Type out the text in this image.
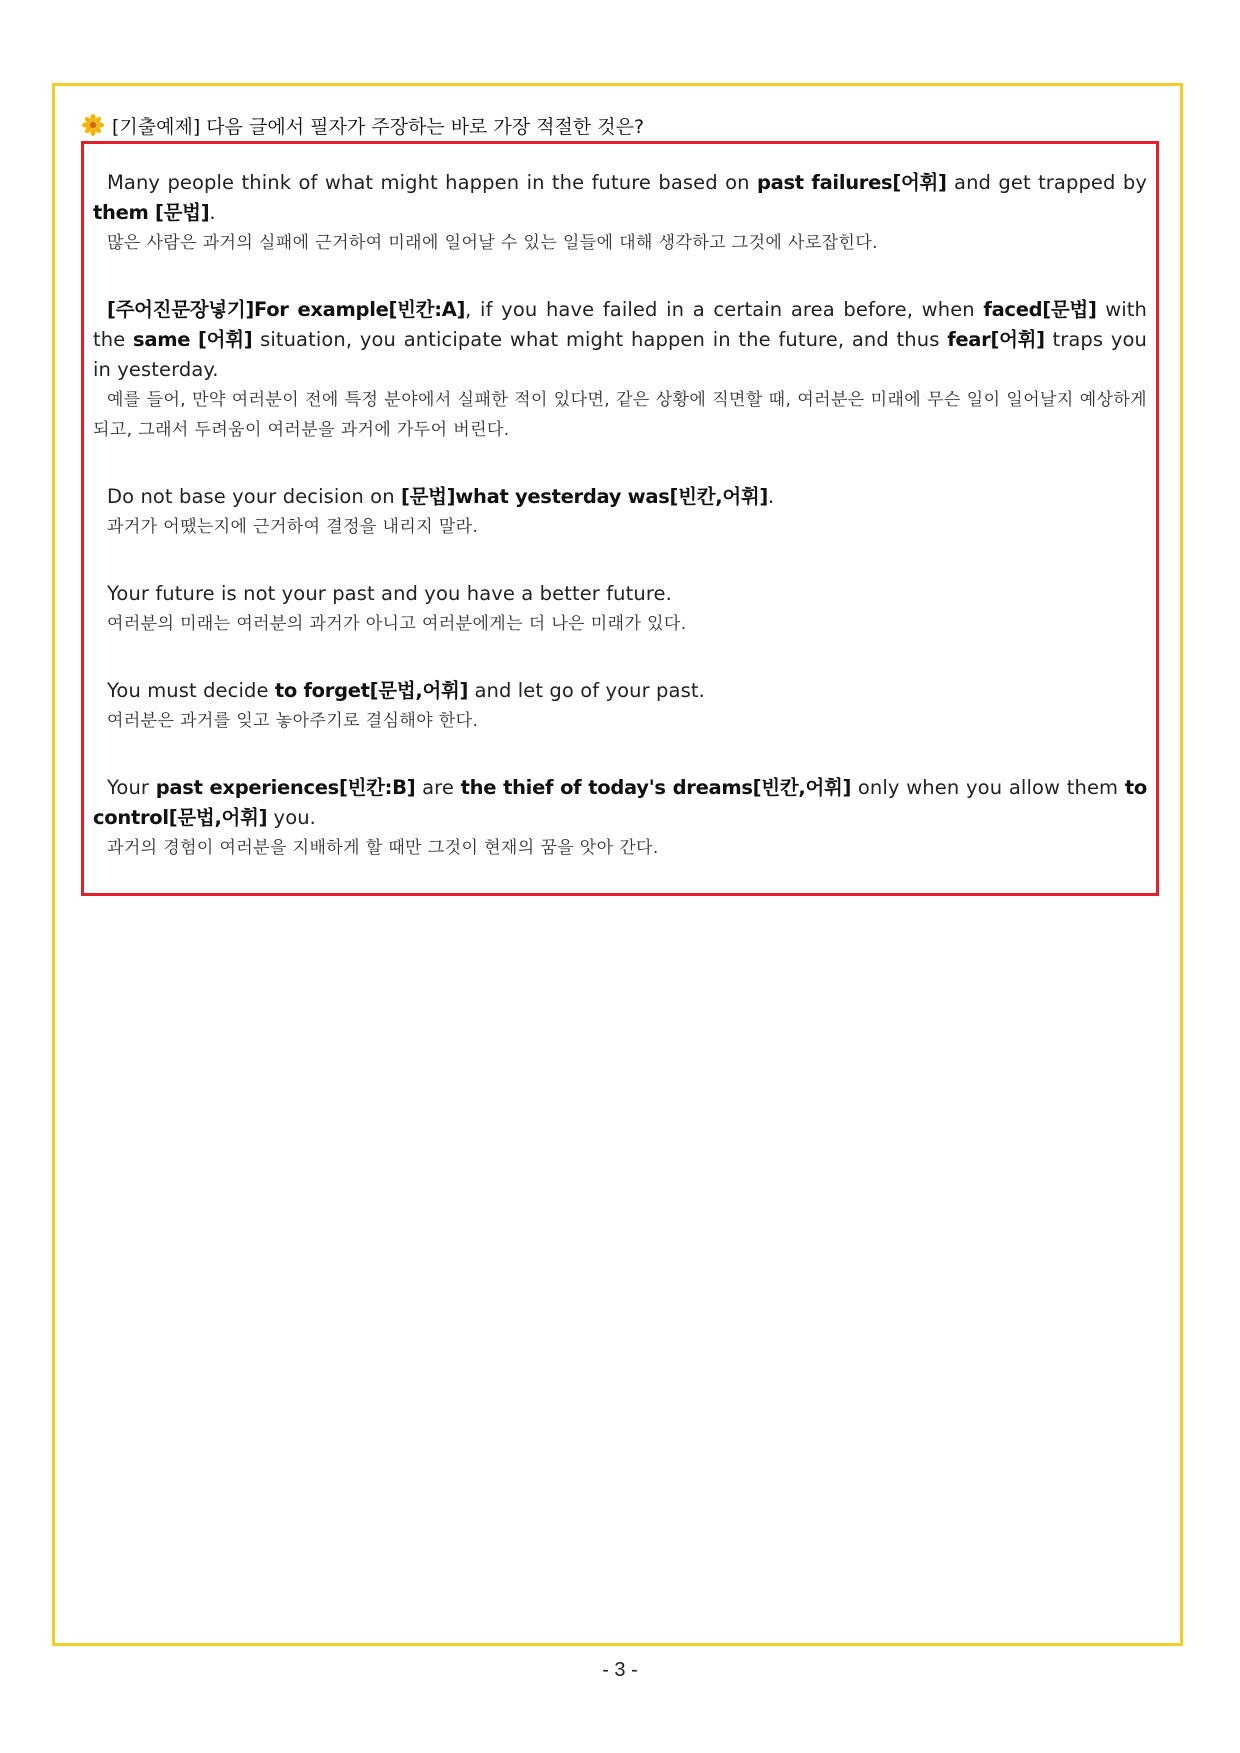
[기출예제] 다음 글에서 필자가 주장하는 바로 가장 적절한 것은?
Many people think of what might happen in the future based on past failures[어휘] and get trapped by them [문법].
많은 사람은 과거의 실패에 근거하여 미래에 일어날 수 있는 일들에 대해 생각하고 그것에 사로잡힌다.
[주어진문장넣기]For example[빈칸:A], if you have failed in a certain area before, when faced[문법] with the same [어휘] situation, you anticipate what might happen in the future, and thus fear[어휘] traps you in yesterday.
예를 들어, 만약 여러분이 전에 특정 분야에서 실패한 적이 있다면, 같은 상황에 직면할 때, 여러분은 미래에 무슨 일이 일어날지 예상하게 되고, 그래서 두려움이 여러분을 과거에 가두어 버린다.
Do not base your decision on [문법]what yesterday was[빈칸,어휘].
과거가 어땠는지에 근거하여 결정을 내리지 말라.
Your future is not your past and you have a better future.
여러분의 미래는 여러분의 과거가 아니고 여러분에게는 더 나은 미래가 있다.
You must decide to forget[문법,어휘] and let go of your past.
여러분은 과거를 잊고 놓아주기로 결심해야 한다.
Your past experiences[빈칸:B] are the thief of today's dreams[빈칸,어휘] only when you allow them to control[문법,어휘] you.
과거의 경험이 여러분을 지배하게 할 때만 그것이 현재의 꿈을 앗아 간다.
- 3 -
